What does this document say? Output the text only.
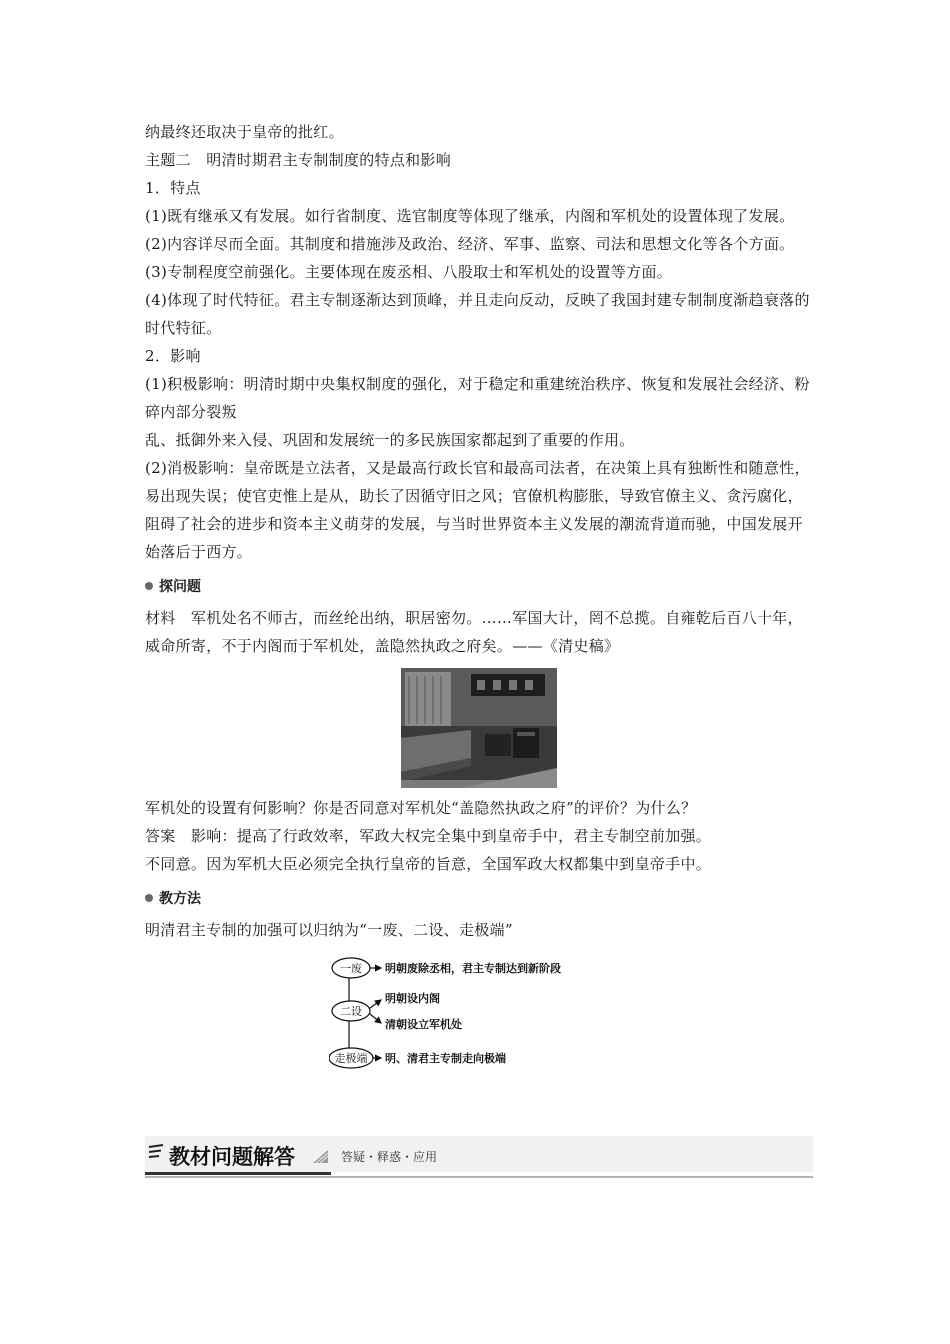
纳最终还取决于皇帝的批红。

主题二　明清时期君主专制制度的特点和影响

1．特点

(1)既有继承又有发展。如行省制度、选官制度等体现了继承，内阁和军机处的设置体现了发展。

(2)内容详尽而全面。其制度和措施涉及政治、经济、军事、监察、司法和思想文化等各个方面。

(3)专制程度空前强化。主要体现在废丞相、八股取士和军机处的设置等方面。

(4)体现了时代特征。君主专制逐渐达到顶峰，并且走向反动，反映了我国封建专制制度渐趋衰落的时代特征。

2．影响

(1)积极影响：明清时期中央集权制度的强化，对于稳定和重建统治秩序、恢复和发展社会经济、粉碎内部分裂叛

乱、抵御外来入侵、巩固和发展统一的多民族国家都起到了重要的作用。

(2)消极影响：皇帝既是立法者，又是最高行政长官和最高司法者，在决策上具有独断性和随意性，易出现失误；使官吏惟上是从，助长了因循守旧之风；官僚机构膨胀，导致官僚主义、贪污腐化，阻碍了社会的进步和资本主义萌芽的发展，与当时世界资本主义发展的潮流背道而驰，中国发展开始落后于西方。

探问题

材料　军机处名不师古，而丝纶出纳，职居密勿。……军国大计，罔不总揽。自雍乾后百八十年，威命所寄，不于内阁而于军机处，盖隐然执政之府矣。——《清史稿》

军机处的设置有何影响？你是否同意对军机处“盖隐然执政之府”的评价？为什么？

答案　影响：提高了行政效率，军政大权完全集中到皇帝手中，君主专制空前加强。

不同意。因为军机大臣必须完全执行皇帝的旨意，全国军政大权都集中到皇帝手中。

教方法

明清君主专制的加强可以归纳为“一废、二设、走极端”

一废 明朝废除丞相，君主专制达到新阶段
二设
明朝设内阁
清朝设立军机处
走极端 明、清君主专制走向极端
教材问题解答	答疑・释惑・应用
